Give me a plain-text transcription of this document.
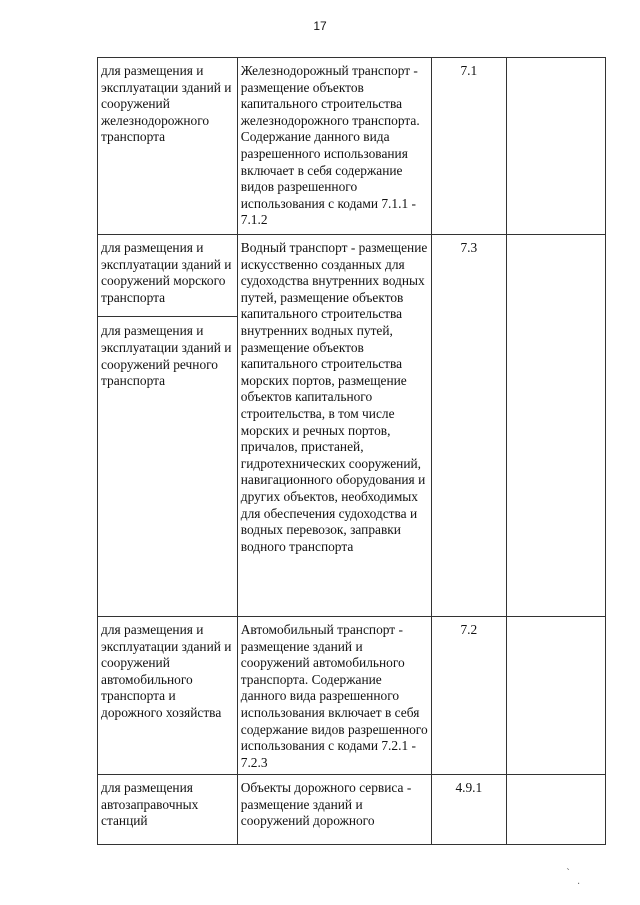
17
для размещения и эксплуатации зданий и сооружений железнодорожного транспорта	Железнодорожный транспорт - размещение объектов капитального строительства железнодорожного транспорта. Содержание данного вида разрешенного использования включает в себя содержание видов разрешенного использования с кодами 7.1.1 - 7.1.2	7.1	

для размещения и эксплуатации зданий и сооружений морского транспорта
для размещения и эксплуатации зданий и сооружений речного транспорта	Водный транспорт - размещение искусственно созданных для судоходства внутренних водных путей, размещение объектов капитального строительства внутренних водных путей, размещение объектов капитального строительства морских портов, размещение объектов капитального строительства, в том числе морских и речных портов, причалов, пристаней, гидротехнических сооружений, навигационного оборудования и других объектов, необходимых для обеспечения судоходства и водных перевозок, заправки водного транспорта	7.3	

для размещения и эксплуатации зданий и сооружений автомобильного транспорта и дорожного хозяйства	Автомобильный транспорт - размещение зданий и сооружений автомобильного транспорта. Содержание данного вида разрешенного использования включает в себя содержание видов разрешенного использования с кодами 7.2.1 - 7.2.3	7.2	

для размещения автозаправочных станций	Объекты дорожного сервиса - размещение зданий и сооружений дорожного	4.9.1	
`
.
